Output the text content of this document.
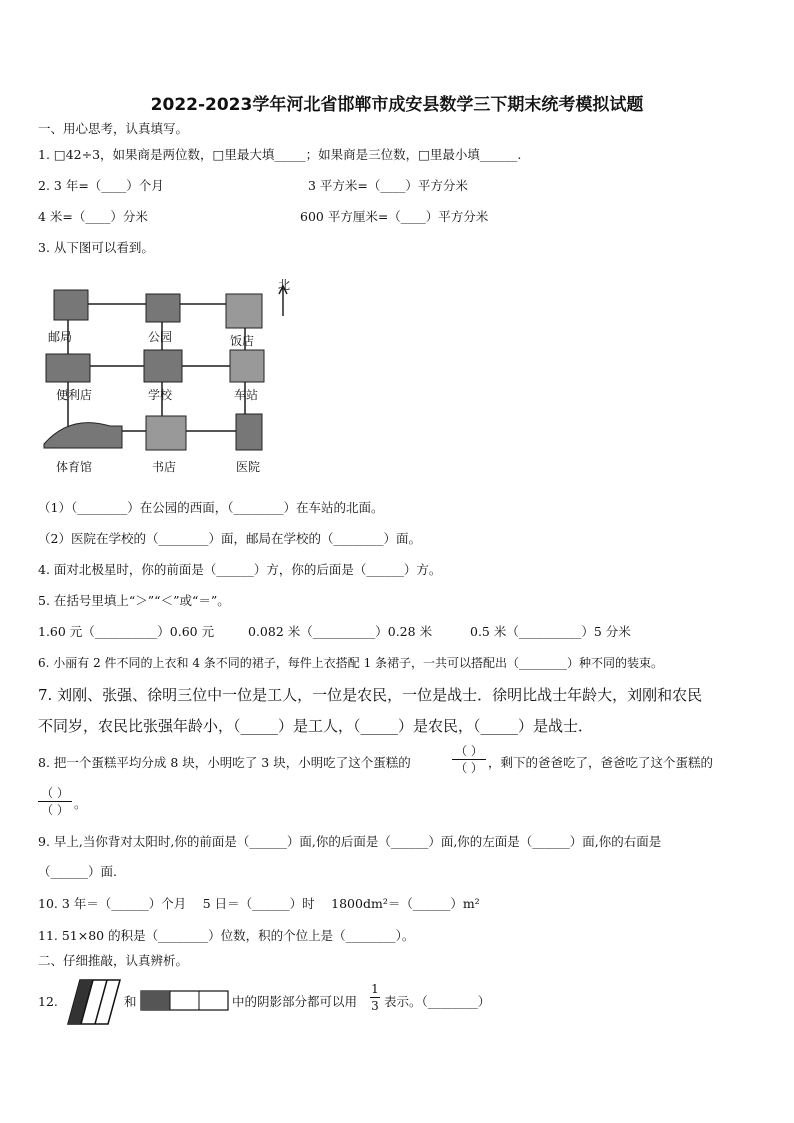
2022-2023学年河北省邯郸市成安县数学三下期末统考模拟试题
一、用心思考，认真填写。
1. □42÷3，如果商是两位数，□里最大填_____；如果商是三位数，□里最小填______.
2. 3 年=（____）个月	3 平方米=（____）平方分米
4 米=（____）分米	600 平方厘米=（____）平方分米
3. 从下图可以看到。
北
邮局	公园	饭店
便利店	学校	车站
体育馆	书店	医院
（1）（________）在公园的西面，（________）在车站的北面。
（2）医院在学校的（________）面，邮局在学校的（________）面。
4. 面对北极星时，你的前面是（______）方，你的后面是（______）方。
5. 在括号里填上“＞”“＜”或“＝”。
1.60 元（__________）0.60 元	0.082 米（__________）0.28 米	0.5 米（__________）5 分米
6. 小丽有 2 件不同的上衣和 4 条不同的裙子，每件上衣搭配 1 条裙子，一共可以搭配出（________）种不同的装束。
7. 刘刚、张强、徐明三位中一位是工人，一位是农民，一位是战士．徐明比战士年龄大，刘刚和农民
不同岁，农民比张强年龄小，（_____）是工人，（_____）是农民，（_____）是战士．
8. 把一个蛋糕平均分成 8 块，小明吃了 3 块，小明吃了这个蛋糕的
（ ）
（ ） ，剩下的爸爸吃了，爸爸吃了这个蛋糕的
（ ）
（ ） 。
9. 早上,当你背对太阳时,你的前面是（______）面,你的后面是（______）面,你的左面是（______）面,你的右面是
（______）面.
10. 3 年＝（______）个月　 5 日＝（______）时　 1800dm²＝（______）m²
11. 51×80 的积是（________）位数，积的个位上是（________）。
二、仔细推敲，认真辨析。
12.	和	中的阴影部分都可以用
1
3 表示。（________）
